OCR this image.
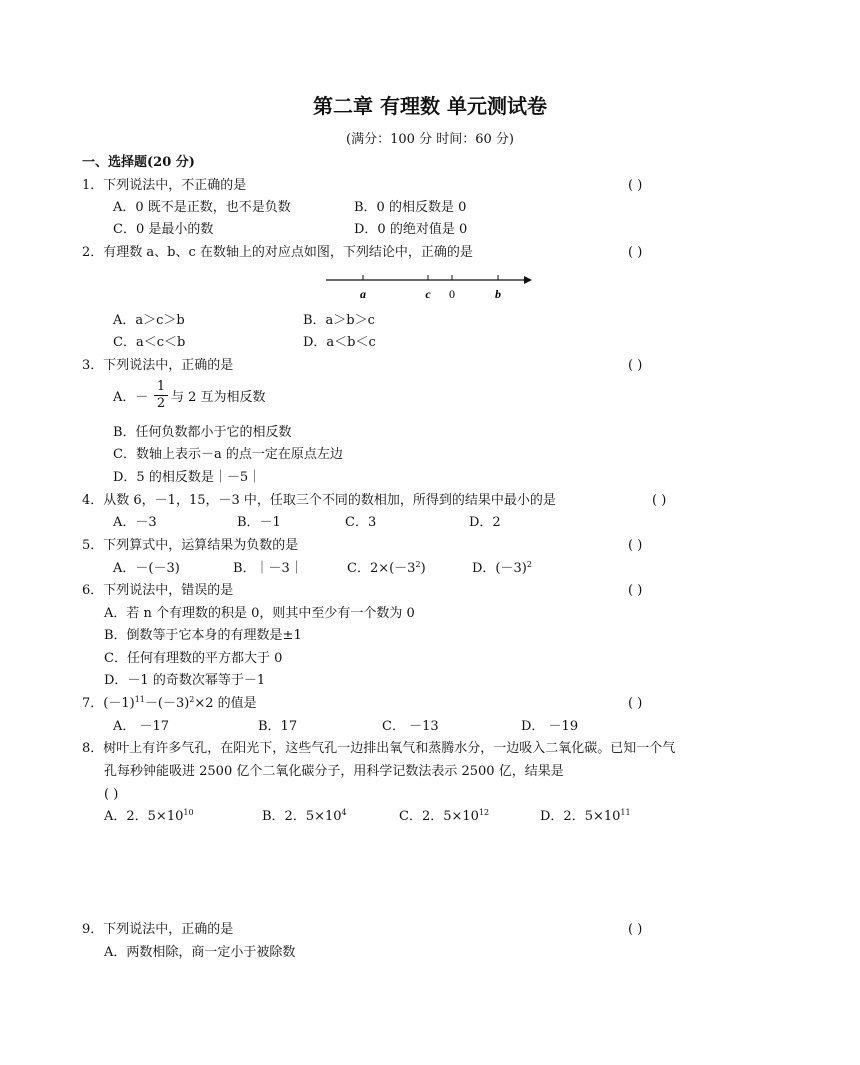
第二章 有理数 单元测试卷
(满分：100 分 时间：60 分)
一、选择题(20 分)
1．下列说法中，不正确的是	( )
A．0 既不是正数，也不是负数	B．0 的相反数是 0
C．0 是最小的数	D．0 的绝对值是 0
2．有理数 a、b、c 在数轴上的对应点如图，下列结论中，正确的是	( )
a	c 0	b
A．a＞c＞b	B．a＞b＞c
C．a＜c＜b	D．a＜b＜c
3．下列说法中，正确的是	( )
A．－ $\frac{1}{2}$ 与 2 互为相反数
B．任何负数都小于它的相反数
C．数轴上表示－a 的点一定在原点左边
D．5 的相反数是｜－5｜
4．从数 6，－1，15，－3 中，任取三个不同的数相加，所得到的结果中最小的是	( )
A．－3	B．－1	C．3	D．2
5．下列算式中，运算结果为负数的是	( )
A．－(－3)	B．｜－3｜	C．$2\times(-3^2)$	D．$(-3)^2$
6．下列说法中，错误的是	( )
A．若 n 个有理数的积是 0，则其中至少有一个数为 0
B．倒数等于它本身的有理数是±1
C．任何有理数的平方都大于 0
D．－1 的奇数次幂等于－1
7．$(-1)^{11}-(-3)^2\times 2$ 的值是	( )
A． －17	B．17	C． －13	D． －19
8．树叶上有许多气孔，在阳光下，这些气孔一边排出氧气和蒸腾水分，一边吸入二氧化碳。已知一个气
孔每秒钟能吸进 2500 亿个二氧化碳分子，用科学记数法表示 2500 亿，结果是
( )
A．2．$5\times 10^{10}$	B．2．$5\times 10^4$	C．2．$5\times 10^{12}$	D．2．$5\times 10^{11}$
9．下列说法中，正确的是	( )
A．两数相除，商一定小于被除数
